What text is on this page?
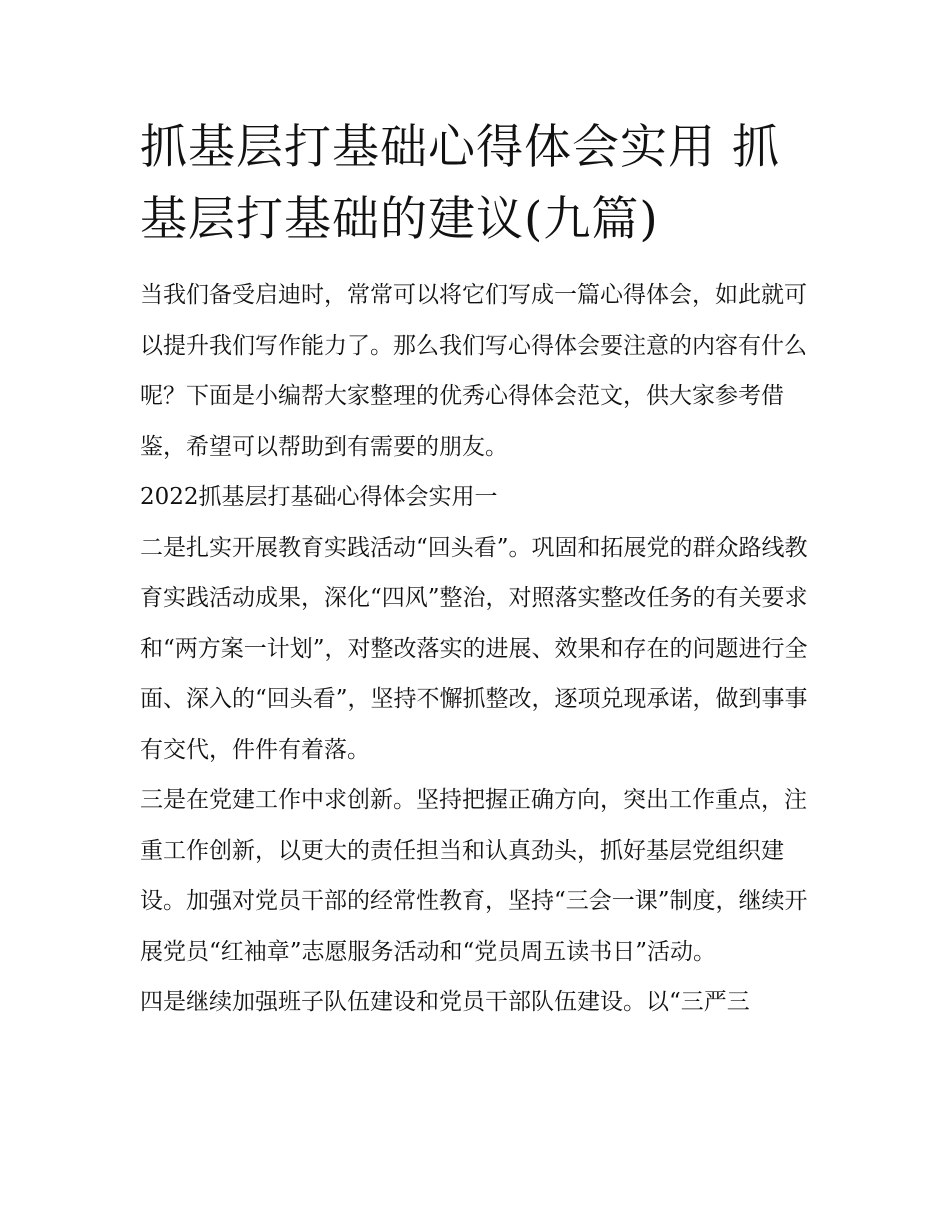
抓基层打基础心得体会实用 抓基层打基础的建议(九篇)

当我们备受启迪时，常常可以将它们写成一篇心得体会，如此就可以提升我们写作能力了。那么我们写心得体会要注意的内容有什么呢？下面是小编帮大家整理的优秀心得体会范文，供大家参考借鉴，希望可以帮助到有需要的朋友。

2022抓基层打基础心得体会实用一

二是扎实开展教育实践活动“回头看”。巩固和拓展党的群众路线教育实践活动成果，深化“四风”整治，对照落实整改任务的有关要求和“两方案一计划”，对整改落实的进展、效果和存在的问题进行全面、深入的“回头看”，坚持不懈抓整改，逐项兑现承诺，做到事事有交代，件件有着落。

三是在党建工作中求创新。坚持把握正确方向，突出工作重点，注重工作创新，以更大的责任担当和认真劲头，抓好基层党组织建设。加强对党员干部的经常性教育，坚持“三会一课”制度，继续开展党员“红袖章”志愿服务活动和“党员周五读书日”活动。

四是继续加强班子队伍建设和党员干部队伍建设。以“三严三
